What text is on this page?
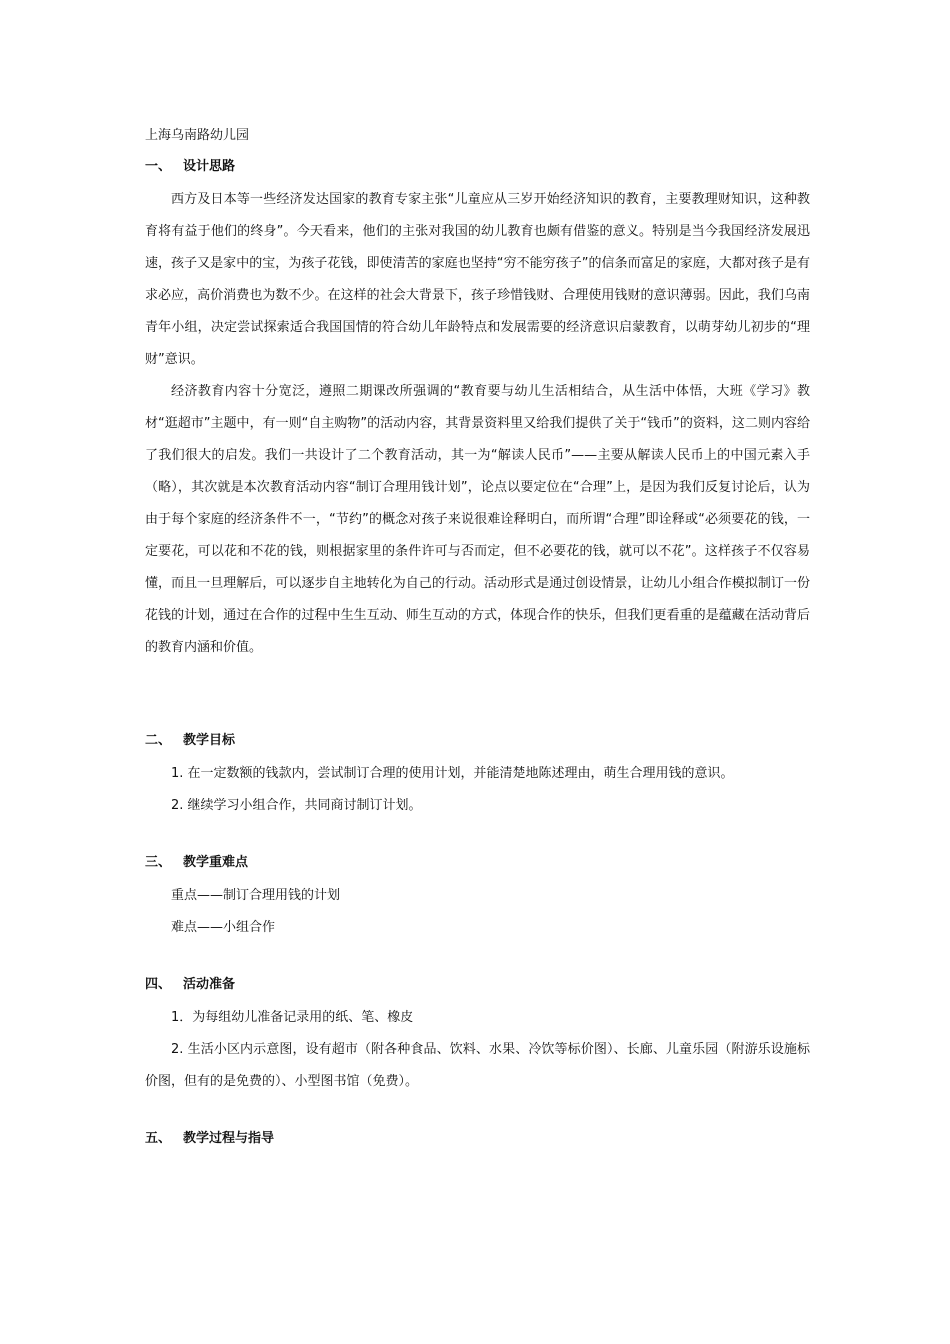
上海乌南路幼儿园

一、 设计思路

西方及日本等一些经济发达国家的教育专家主张“儿童应从三岁开始经济知识的教育，主要教理财知识，这种教育将有益于他们的终身”。今天看来，他们的主张对我国的幼儿教育也颇有借鉴的意义。特别是当今我国经济发展迅速，孩子又是家中的宝，为孩子花钱，即使清苦的家庭也坚持“穷不能穷孩子”的信条而富足的家庭，大都对孩子是有求必应，高价消费也为数不少。在这样的社会大背景下，孩子珍惜钱财、合理使用钱财的意识薄弱。因此，我们乌南青年小组，决定尝试探索适合我国国情的符合幼儿年龄特点和发展需要的经济意识启蒙教育，以萌芽幼儿初步的“理财”意识。

经济教育内容十分宽泛，遵照二期课改所强调的“教育要与幼儿生活相结合，从生活中体悟，大班《学习》教材“逛超市”主题中，有一则“自主购物”的活动内容，其背景资料里又给我们提供了关于“钱币”的资料，这二则内容给了我们很大的启发。我们一共设计了二个教育活动，其一为“解读人民币”——主要从解读人民币上的中国元素入手（略），其次就是本次教育活动内容“制订合理用钱计划”，论点以要定位在“合理”上，是因为我们反复讨论后，认为由于每个家庭的经济条件不一，“节约”的概念对孩子来说很难诠释明白，而所谓“合理”即诠释或“必须要花的钱，一定要花，可以花和不花的钱，则根据家里的条件许可与否而定，但不必要花的钱，就可以不花”。这样孩子不仅容易懂，而且一旦理解后，可以逐步自主地转化为自己的行动。活动形式是通过创设情景，让幼儿小组合作模拟制订一份花钱的计划，通过在合作的过程中生生互动、师生互动的方式，体现合作的快乐，但我们更看重的是蕴藏在活动背后的教育内涵和价值。

二、 教学目标

1. 在一定数额的钱款内，尝试制订合理的使用计划，并能清楚地陈述理由，萌生合理用钱的意识。

2. 继续学习小组合作，共同商讨制订计划。

三、 教学重难点

重点——制订合理用钱的计划

难点——小组合作

四、 活动准备

1．为每组幼儿准备记录用的纸、笔、橡皮

2. 生活小区内示意图，设有超市（附各种食品、饮料、水果、冷饮等标价图）、长廊、儿童乐园（附游乐设施标价图，但有的是免费的）、小型图书馆（免费）。

五、 教学过程与指导
